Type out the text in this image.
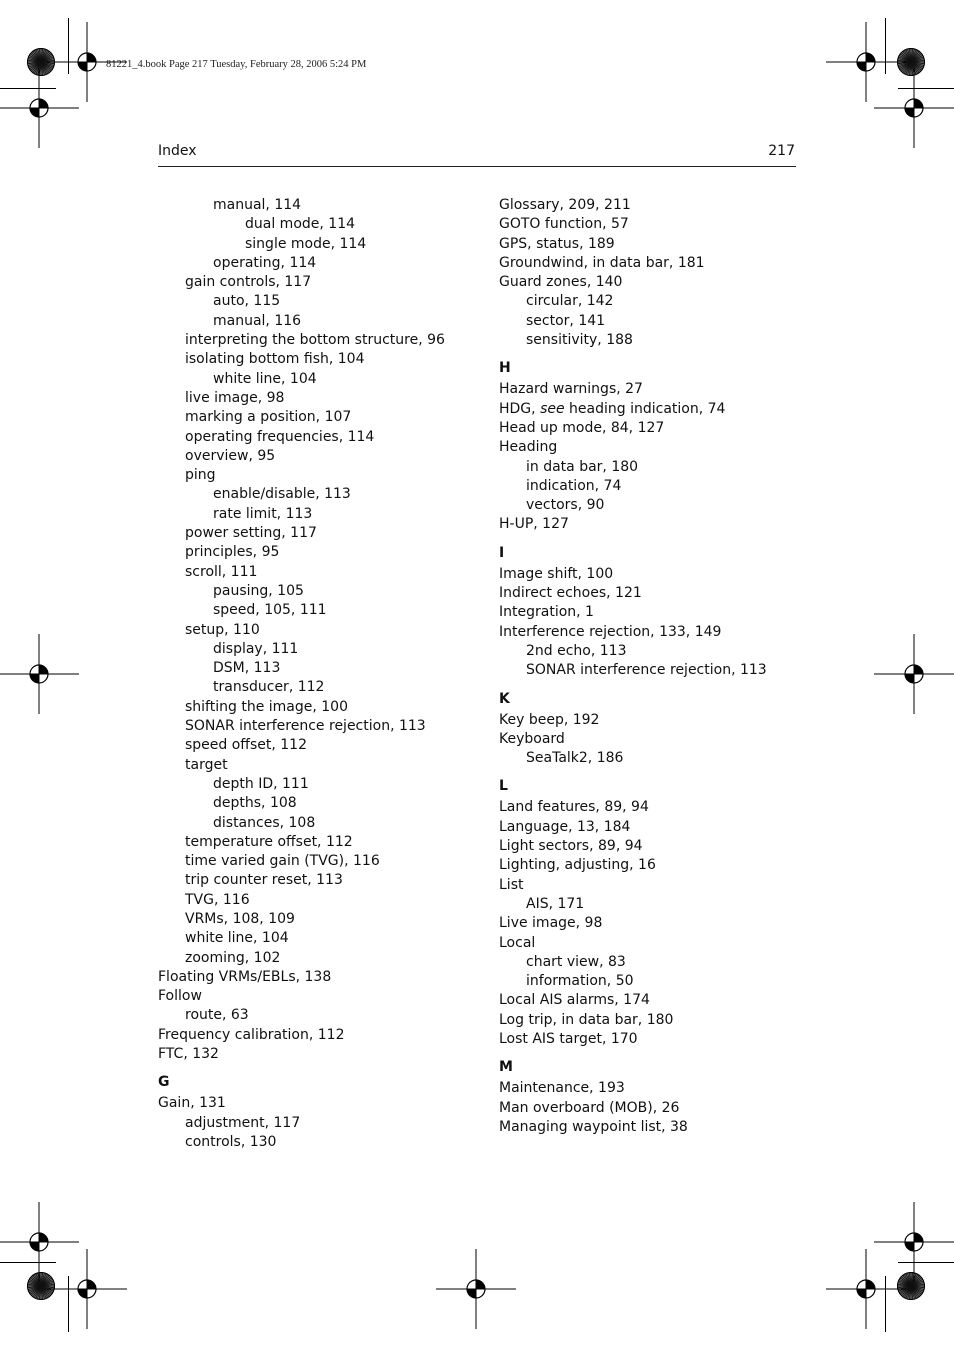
81221_4.book Page 217 Tuesday, February 28, 2006 5:24 PM
Index	217
manual, 114
dual mode, 114
single mode, 114
operating, 114
gain controls, 117
auto, 115
manual, 116
interpreting the bottom structure, 96
isolating bottom fish, 104
white line, 104
live image, 98
marking a position, 107
operating frequencies, 114
overview, 95
ping
enable/disable, 113
rate limit, 113
power setting, 117
principles, 95
scroll, 111
pausing, 105
speed, 105, 111
setup, 110
display, 111
DSM, 113
transducer, 112
shifting the image, 100
SONAR interference rejection, 113
speed offset, 112
target
depth ID, 111
depths, 108
distances, 108
temperature offset, 112
time varied gain (TVG), 116
trip counter reset, 113
TVG, 116
VRMs, 108, 109
white line, 104
zooming, 102
Floating VRMs/EBLs, 138
Follow
route, 63
Frequency calibration, 112
FTC, 132
G
Gain, 131
adjustment, 117
controls, 130
Glossary, 209, 211
GOTO function, 57
GPS, status, 189
Groundwind, in data bar, 181
Guard zones, 140
circular, 142
sector, 141
sensitivity, 188
H
Hazard warnings, 27
HDG, see heading indication, 74
Head up mode, 84, 127
Heading
in data bar, 180
indication, 74
vectors, 90
H-UP, 127
I
Image shift, 100
Indirect echoes, 121
Integration, 1
Interference rejection, 133, 149
2nd echo, 113
SONAR interference rejection, 113
K
Key beep, 192
Keyboard
SeaTalk2, 186
L
Land features, 89, 94
Language, 13, 184
Light sectors, 89, 94
Lighting, adjusting, 16
List
AIS, 171
Live image, 98
Local
chart view, 83
information, 50
Local AIS alarms, 174
Log trip, in data bar, 180
Lost AIS target, 170
M
Maintenance, 193
Man overboard (MOB), 26
Managing waypoint list, 38
